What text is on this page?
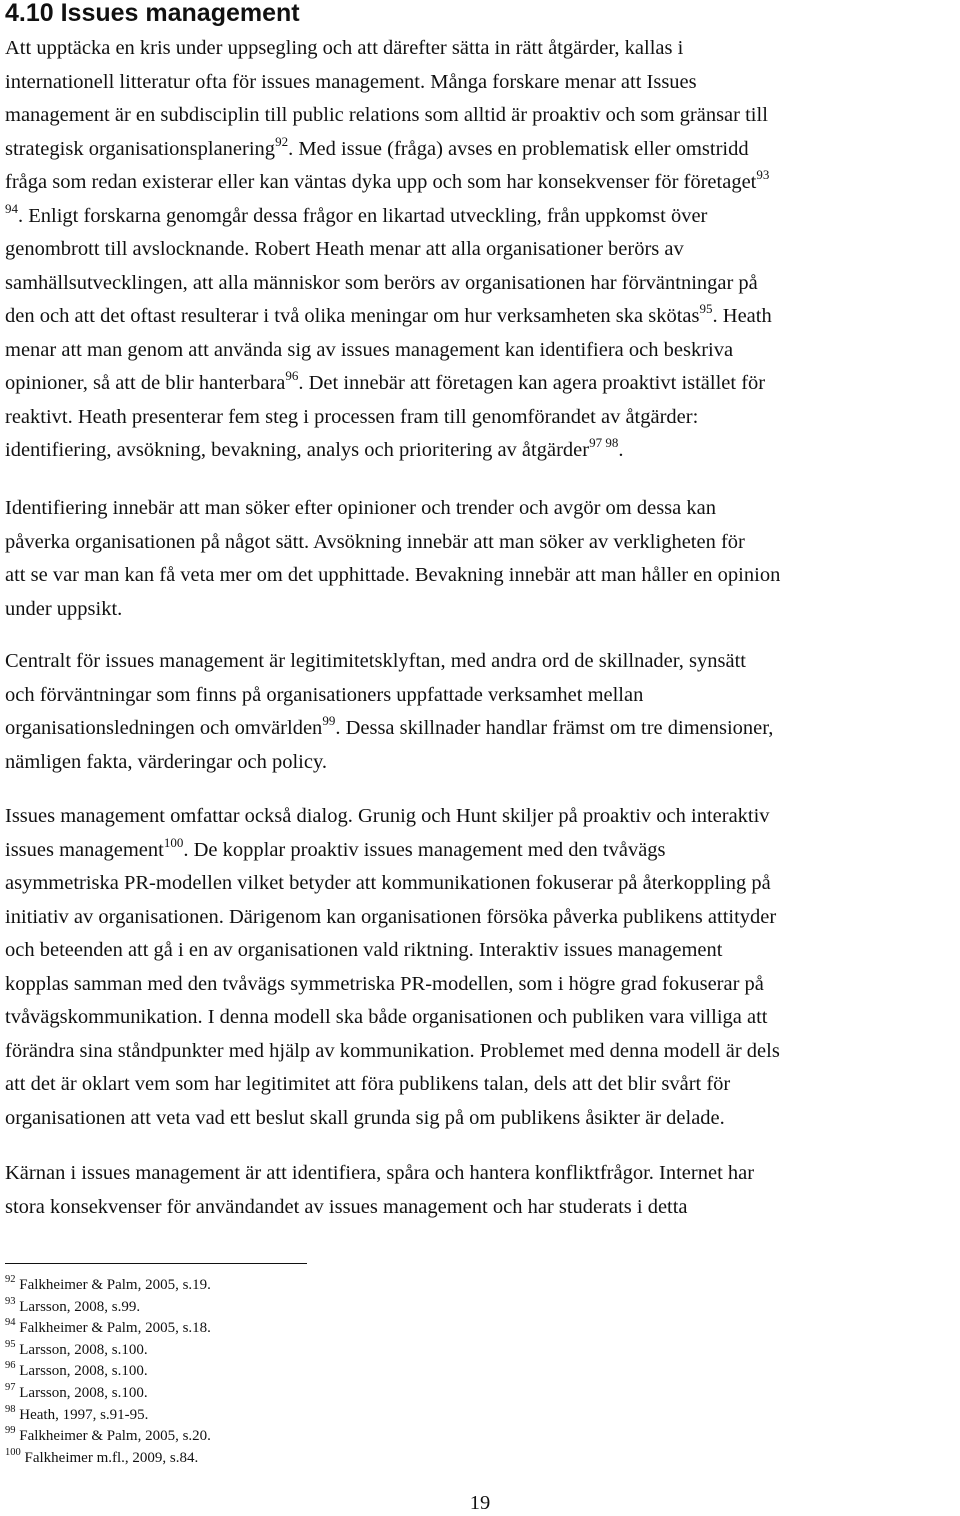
4.10 Issues management
Att upptäcka en kris under uppsegling och att därefter sätta in rätt åtgärder, kallas i
internationell litteratur ofta för issues management. Många forskare menar att Issues
management är en subdisciplin till public relations som alltid är proaktiv och som gränsar till
strategisk organisationsplanering$^{92}$. Med issue (fråga) avses en problematisk eller omstridd
fråga som redan existerar eller kan väntas dyka upp och som har konsekvenser för företaget$^{93}$
$^{94}$. Enligt forskarna genomgår dessa frågor en likartad utveckling, från uppkomst över
genombrott till avslocknande. Robert Heath menar att alla organisationer berörs av
samhällsutvecklingen, att alla människor som berörs av organisationen har förväntningar på
den och att det oftast resulterar i två olika meningar om hur verksamheten ska skötas$^{95}$. Heath
menar att man genom att använda sig av issues management kan identifiera och beskriva
opinioner, så att de blir hanterbara$^{96}$. Det innebär att företagen kan agera proaktivt istället för
reaktivt. Heath presenterar fem steg i processen fram till genomförandet av åtgärder:
identifiering, avsökning, bevakning, analys och prioritering av åtgärder$^{97 98}$.
Identifiering innebär att man söker efter opinioner och trender och avgör om dessa kan
påverka organisationen på något sätt. Avsökning innebär att man söker av verkligheten för
att se var man kan få veta mer om det upphittade. Bevakning innebär att man håller en opinion
under uppsikt.
Centralt för issues management är legitimitetsklyftan, med andra ord de skillnader, synsätt
och förväntningar som finns på organisationers uppfattade verksamhet mellan
organisationsledningen och omvärlden$^{99}$. Dessa skillnader handlar främst om tre dimensioner,
nämligen fakta, värderingar och policy.
Issues management omfattar också dialog. Grunig och Hunt skiljer på proaktiv och interaktiv
issues management$^{100}$. De kopplar proaktiv issues management med den tvåvägs
asymmetriska PR-modellen vilket betyder att kommunikationen fokuserar på återkoppling på
initiativ av organisationen. Därigenom kan organisationen försöka påverka publikens attityder
och beteenden att gå i en av organisationen vald riktning. Interaktiv issues management
kopplas samman med den tvåvägs symmetriska PR-modellen, som i högre grad fokuserar på
tvåvägskommunikation. I denna modell ska både organisationen och publiken vara villiga att
förändra sina ståndpunkter med hjälp av kommunikation. Problemet med denna modell är dels
att det är oklart vem som har legitimitet att föra publikens talan, dels att det blir svårt för
organisationen att veta vad ett beslut skall grunda sig på om publikens åsikter är delade.
Kärnan i issues management är att identifiera, spåra och hantera konfliktfrågor. Internet har
stora konsekvenser för användandet av issues management och har studerats i detta
$^{92}$ Falkheimer & Palm, 2005, s.19.
$^{93}$ Larsson, 2008, s.99.
$^{94}$ Falkheimer & Palm, 2005, s.18.
$^{95}$ Larsson, 2008, s.100.
$^{96}$ Larsson, 2008, s.100.
$^{97}$ Larsson, 2008, s.100.
$^{98}$ Heath, 1997, s.91-95.
$^{99}$ Falkheimer & Palm, 2005, s.20.
$^{100}$ Falkheimer m.fl., 2009, s.84.
19
